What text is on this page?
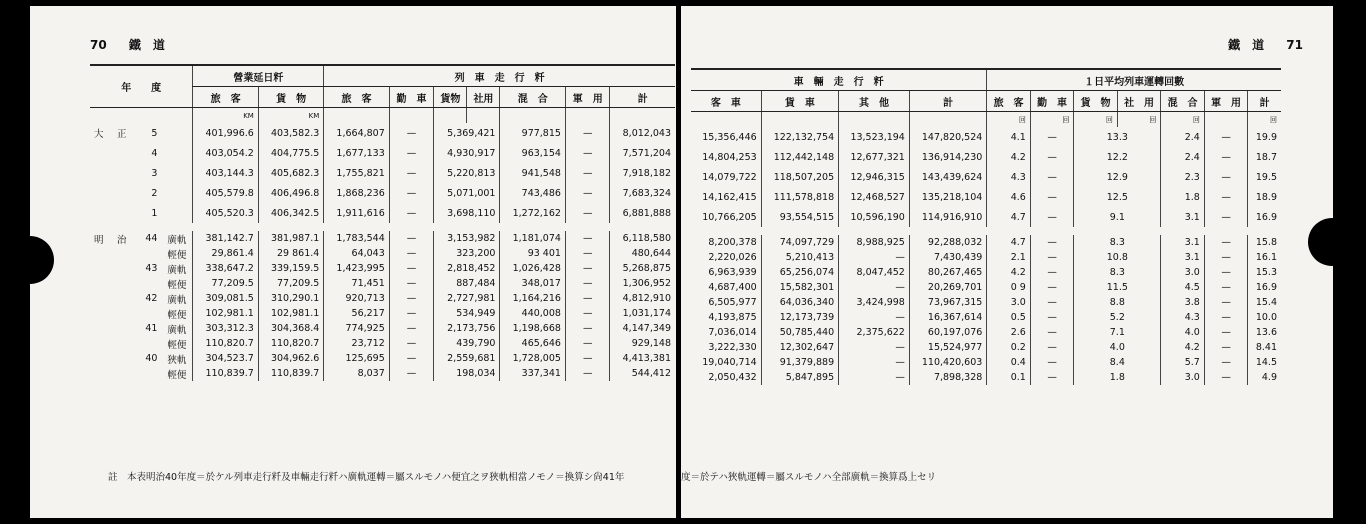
70 鐵　道
年　　度			營業延日粁		列　車　走　行　粁						
			旅　客	貨　物	旅　客	勤　車	貨物	社用	混　合	軍　用	計
			KM	KM							
大　正	5		401,996.6	403,582.3	1,664,807	—	5,369,421		977,815	—	8,012,043
	4		403,054.2	404,775.5	1,677,133	—	4,930,917		963,154	—	7,571,204
	3		403,144.3	405,682.3	1,755,821	—	5,220,813		941,548	—	7,918,182
	2		405,579.8	406,496.8	1,868,236	—	5,071,001		743,486	—	7,683,324
	1		405,520.3	406,342.5	1,911,616	—	3,698,110		1,272,162	—	6,881,888

明　治	44	廣軌	381,142.7	381,987.1	1,783,544	—	3,153,982		1,181,074	—	6,118,580
		輕便	29,861.4	29 861.4	64,043	—	323,200		93 401	—	480,644
	43	廣軌	338,647.2	339,159.5	1,423,995	—	2,818,452		1,026,428	—	5,268,875
		輕便	77,209.5	77,209.5	71,451	—	887,484		348,017	—	1,306,952
	42	廣軌	309,081.5	310,290.1	920,713	—	2,727,981		1,164,216	—	4,812,910
		輕便	102,981.1	102,981.1	56,217	—	534,949		440,008	—	1,031,174
	41	廣軌	303,312.3	304,368.4	774,925	—	2,173,756		1,198,668	—	4,147,349
		輕便	110,820.7	110,820.7	23,712	—	439,790		465,646	—	929,148
	40	狹軌	304,523.7	304,962.6	125,695	—	2,559,681		1,728,005	—	4,413,381
		輕便	110,839.7	110,839.7	8,037	—	198,034		337,341	—	544,412
註　本表明治40年度＝於ケル列車走行粁及車輛走行粁ハ廣軌運轉＝屬スルモノハ便宜之ヲ狹軌相當ノモノ＝換算シ尙41年
鐵　道 71
車　輛　走　行　粁				１日平均列車運轉回數						
客　車	貨　車	其　他	計	旅　客	勤　車	貨　物	社　用	混　合	軍　用	計
				回	回	回	回	回		回
15,356,446	122,132,754	13,523,194	147,820,524	4.1	—	13.3		2.4	—	19.9
14,804,253	112,442,148	12,677,321	136,914,230	4.2	—	12.2		2.4	—	18.7
14,079,722	118,507,205	12,946,315	143,439,624	4.3	—	12.9		2.3	—	19.5
14,162,415	111,578,818	12,468,527	135,218,104	4.6	—	12.5		1.8	—	18.9
10,766,205	93,554,515	10,596,190	114,916,910	4.7	—	9.1		3.1	—	16.9

8,200,378	74,097,729	8,988,925	92,288,032	4.7	—	8.3		3.1	—	15.8
2,220,026	5,210,413	—	7,430,439	2.1	—	10.8		3.1	—	16.1
6,963,939	65,256,074	8,047,452	80,267,465	4.2	—	8.3		3.0	—	15.3
4,687,400	15,582,301	—	20,269,701	0 9	—	11.5		4.5	—	16.9
6,505,977	64,036,340	3,424,998	73,967,315	3.0	—	8.8		3.8	—	15.4
4,193,875	12,173,739	—	16,367,614	0.5	—	5.2		4.3	—	10.0
7,036,014	50,785,440	2,375,622	60,197,076	2.6	—	7.1		4.0	—	13.6
3,222,330	12,302,647	—	15,524,977	0.2	—	4.0		4.2	—	8.41
19,040,714	91,379,889	—	110,420,603	0.4	—	8.4		5.7	—	14.5
2,050,432	5,847,895	—	7,898,328	0.1	—	1.8		3.0	—	4.9
度＝於テハ狹軌運轉＝屬スルモノハ全部廣軌＝換算爲上セリ
